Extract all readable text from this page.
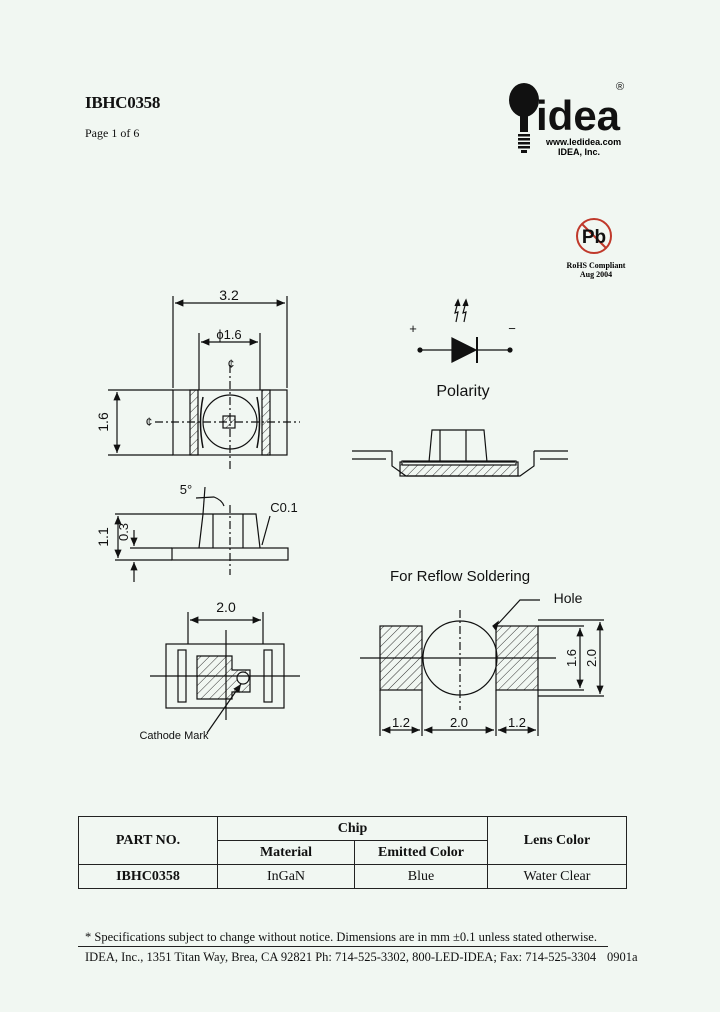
IBHC0358
Page 1 of 6	idea
®
www.ledidea.com
IDEA, Inc.
Pb
RoHS Compliant
Aug 2004
3.2
ϕ1.6
¢
¢
1.6
5°
C0.1
1.1 0.3
2.0
Cathode Mark
+	−
Polarity
For Reflow Soldering
Hole
1.2	2.0	1.2
1.6 2.0
PART NO.	Chip		Lens Color
	Material	Emitted Color	
IBHC0358	InGaN	Blue	Water Clear
* Specifications subject to change without notice. Dimensions are in mm ±0.1 unless stated otherwise.
IDEA, Inc., 1351 Titan Way, Brea, CA 92821 Ph: 714-525-3302, 800-LED-IDEA; Fax: 714-525-3304 0901a
